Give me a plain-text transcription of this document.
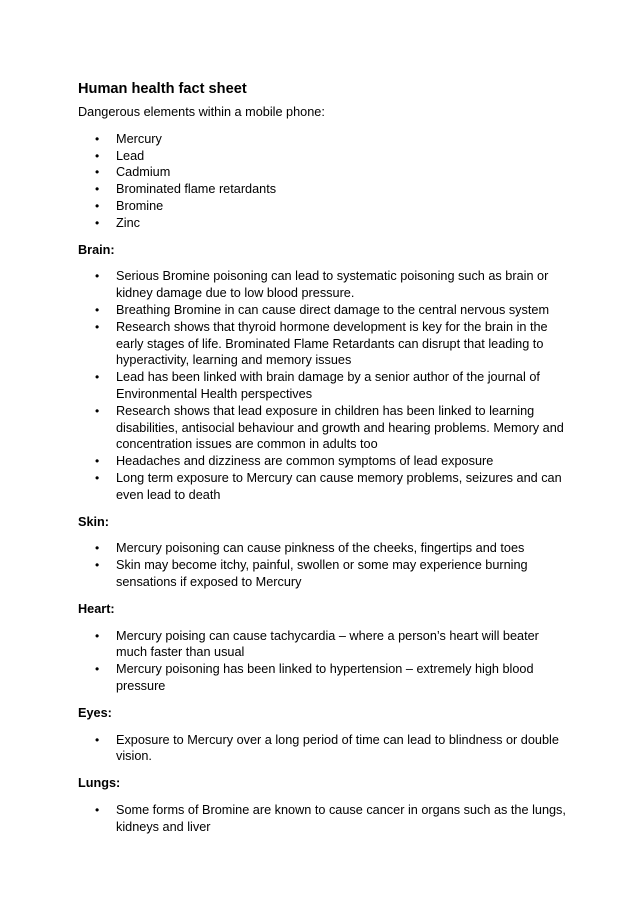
Human health fact sheet
Dangerous elements within a mobile phone:
• Mercury
• Lead
• Cadmium
• Brominated flame retardants
• Bromine
• Zinc
Brain:
• Serious Bromine poisoning can lead to systematic poisoning such as brain or kidney damage due to low blood pressure.
• Breathing Bromine in can cause direct damage to the central nervous system
• Research shows that thyroid hormone development is key for the brain in the early stages of life. Brominated Flame Retardants can disrupt that leading to hyperactivity, learning and memory issues
• Lead has been linked with brain damage by a senior author of the journal of Environmental Health perspectives
• Research shows that lead exposure in children has been linked to learning disabilities, antisocial behaviour and growth and hearing problems. Memory and concentration issues are common in adults too
• Headaches and dizziness are common symptoms of lead exposure
• Long term exposure to Mercury can cause memory problems, seizures and can even lead to death
Skin:
• Mercury poisoning can cause pinkness of the cheeks, fingertips and toes
• Skin may become itchy, painful, swollen or some may experience burning sensations if exposed to Mercury
Heart:
• Mercury poising can cause tachycardia – where a person’s heart will beater much faster than usual
• Mercury poisoning has been linked to hypertension – extremely high blood pressure
Eyes:
• Exposure to Mercury over a long period of time can lead to blindness or double vision.
Lungs:
• Some forms of Bromine are known to cause cancer in organs such as the lungs, kidneys and liver
